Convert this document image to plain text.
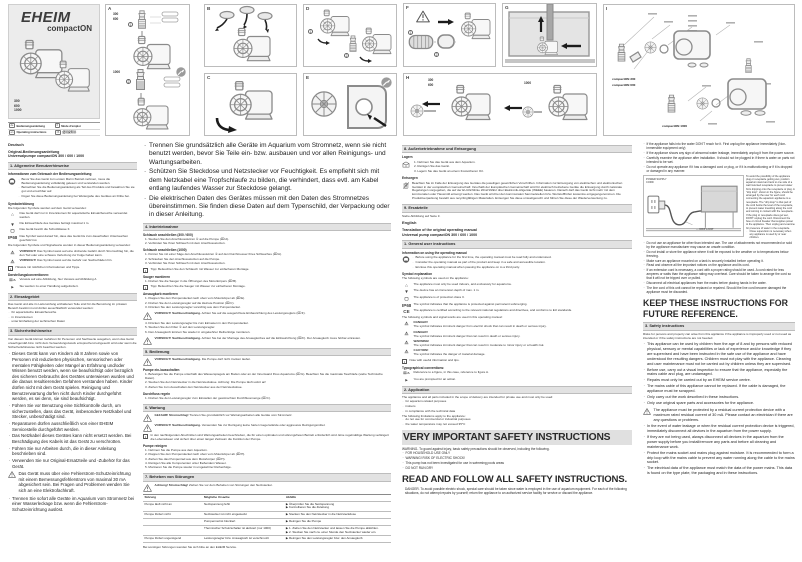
EHEIM
compactON
300
600
1000
de	Bedienungsanleitung	fr	Mode d'emploi
en	Operating instructions	zh	使用说明书
A
300
600
1
1000
2
B	D
1
2
C	E
F
1
2
G
H	300
600	1000
I
compactON 300
compactON 600
compactON 1000
Deutsch
Original-Bedienungsanleitung
Universalpumpe compactON 300 / 600 / 1000
1. Allgemeine Benutzerhinweise
Informationen zum Gebrauch der Bedienungsanleitung
· Bevor Sie das Gerät zum ersten Mal in Betrieb nehmen, muss die Bedienungsanleitung vollständig gelesen und verstanden werden.
· Betrachten Sie die Bedienungsanleitung als Teil des Produkts und bewahren Sie sie gut und erreichbar auf.
· Fügen Sie diese Bedienungsanleitung bei Weitergabe des Gerätes an Dritte bei.
Symbolerklärung
Die folgenden Symbole werden auf dem Gerät verwendet:
⌂	Das Gerät darf nur in Innenräumen für aquaristische Einsatzbereiche verwendet werden.
▼	Die Eintauchtiefe des Gerätes beträgt maximal 1 m.
▢	Das Gerät besitzt die Schutzklasse II.
IP68 Das Symbol weist darauf hin, dass das Gerät bis zum dauerhaften Untertauchen geschützt ist.
Die folgenden Symbole und Signalworte werden in dieser Bedienungsanleitung verwendet:
⚠	VORSICHT! Das Symbol weist auf eine drohende Gefahr durch Stromschlag hin, die den Tod oder eine schwere Verletzung zur Folge haben kann.
⚠	VORSICHT! Das Symbol weist auf die Gefahr von Sachschäden hin.
i	Hinweis mit nützlichen Informationen und Tipps.
Darstellungskonventionen:
⌦A	Verweis auf eine Abbildung, hier Verweis auf Abbildung A
▶	Sie werden zu einer Handlung aufgefordert.
2. Einsatzgebiet
Das Gerät und alle im Lieferumfang enthaltenen Teile sind für die Benutzung im privaten Bereich bestimmt und dürfen ausschließlich verwendet werden:
· für aquaristische Einsatzbereiche
· in Innenräumen
· unter Einhaltung der technischen Daten
3. Sicherheitshinweise
Von diesem Gerät können Gefahren für Personen und Sachwerte ausgehen, wenn das Gerät unsachgemäß bzw. nicht dem Verwendungszweck entsprechend eingesetzt wird oder wenn die Sicherheitshinweise nicht beachtet werden.
· Dieses Gerät kann von Kindern ab 8 Jahren sowie von Personen mit reduzierten physischen, sensorischen oder mentalen Fähigkeiten oder Mangel an Erfahrung und/oder Wissen benutzt werden, wenn sie beaufsichtigt oder bezüglich des sicheren Gebrauchs des Gerätes unterwiesen wurden und die daraus resultierenden Gefahren verstanden haben. Kinder dürfen nicht mit dem Gerät spielen. Reinigung und Benutzerwartung dürfen nicht durch Kinder durchgeführt werden, es sei denn, sie sind beaufsichtigt.
· Führen Sie vor Benutzung eine Sichtkontrolle durch, um sicherzustellen, dass das Gerät, insbesondere Netzkabel und Stecker, unbeschädigt sind.
· Reparaturen dürfen ausschließlich von einer EHEIM Servicestelle durchgeführt werden.
· Das Netzkabel dieses Gerätes kann nicht ersetzt werden. Bei Beschädigung des Kabels ist das Gerät zu verschrotten.
· Führen Sie nur Arbeiten durch, die in dieser Anleitung beschrieben sind.
· Verwenden Sie nur Original-Ersatzteile und -Zubehör für das Gerät.
Das Gerät muss über eine Fehlerstrom-Schutzeinrichtung mit einem Bemessungsfehlerstrom von maximal 30 mA abgesichert sein. Bei Fragen und Problemen wenden Sie sich an eine Elektrofachkraft.
· Trennen Sie sofort alle Geräte im Aquarium vom Stromnetz bei einer Wasserleckage bzw. wenn die Fehlerstrom-Schutzeinrichtung auslöst.
· Trennen Sie grundsätzlich alle Geräte im Aquarium vom Stromnetz, wenn sie nicht benutzt werden, bevor Sie Teile ein- bzw. ausbauen und vor allen Reinigungs- und Wartungsarbeiten.
· Schützen Sie Steckdose und Netzstecker vor Feuchtigkeit. Es empfiehlt sich mit dem Netzkabel eine Tropfschlaufe zu bilden, die verhindert, dass evtl. am Kabel entlang laufendes Wasser zur Steckdose gelangt.
· Die elektrischen Daten des Gerätes müssen mit den Daten des Stromnetzes übereinstimmen. Sie finden diese Daten auf dem Typenschild, der Verpackung oder in dieser Anleitung.
4. Inbetriebnahme
Schlauch anschließen (300 / 600)
1. Stecken Sie den Anschlussstutzen ① auf die Pumpe (⌦A).
2. Verbinden Sie Ihren Schlauch mit dem Anschlussstutzen.
Schlauch anschließen (1000)
1. Kürzen Sie mit einer Säge den Anschlussstutzen ② auf den Durchmesser Ihres Schlauches (⌦A).
2. Schrauben Sie den Anschlussstutzen auf die Pumpe.
3. Verbinden Sie Ihren Schlauch mit dem Anschlussstutzen.
i	Tipp: Befeuchten Sie den Schlauch mit Wasser zur einfacheren Montage.
Sauger montieren
1. Drehen Sie die Sauger in die Öffnungen des Motorkörpers (⌦B).
i	Tipp: Befeuchten Sie die Sauger mit Wasser zur einfacheren Montage.
Ansaugkorb montieren
1. Klappen Sie den Pumpendeckel nach oben vom Motorkörper ab (⌦E).
2. Drehen Sie den Leistungsregler auf die kleinste Position (⌦C).
3. Drücken Sie den Leistungsregler vorsichtig aus dem Pumpendeckel.
VORSICHT! Sachbeschädigung. Achten Sie auf die ausgerichtete Einbaurichtung des Leistungsreglers (⌦F).
4. Drücken Sie den Leistungsregler bis zum Einrasten in den Pumpendeckel.
5. Stecken Sie den Filter ① auf den Leistungsregler.
6. Den Ansaugkorb können Sie wieder in umgekehrter Reihenfolge montieren.
VORSICHT! Sachbeschädigung. Achten Sie bei der Montage des Ansaugkorbes auf die Einbaurichtung (⌦F). Der Ansaugkorb muss hörbar einrasten.
5. Bedienung
VORSICHT! Sachbeschädigung. Die Pumpe darf nicht trocken laufen.
Pumpe ein-/ausschalten
1. Befestigen Sie die Pumpe unterhalb des Wasserspiegels am Boden oder an der Innenwand Ihres Aquariums (⌦G). Beachten Sie die maximale Tauchtiefe (siehe Technische Daten).
2. Stecken Sie den Netzstecker in die Netzsteckdose. Achtung: Die Pumpe läuft sofort an!
3. Ziehen Sie zum Ausschalten den Netzstecker aus der Netzsteckdose.
Durchfluss regeln
1. Drehen Sie den Leistungsregler zum Einstellen der gewünschten Durchflussmenge (⌦C).
6. Wartung
GEFAHR! Stromschlag! Trennen Sie grundsätzlich vor Wartungsarbeiten alle Geräte vom Stromnetz.
VORSICHT! Sachbeschädigung. Verwenden Sie zur Reinigung keine harten Gegenstände oder aggressive Reinigungsmittel.
i	In den nachfolgenden Abschnitten sind Wartungsarbeiten beschrieben, die für einen optimalen und störungsfreien Betrieb erforderlich sind. Eine regelmäßige Wartung verlängert die Lebensdauer und sichert über einen langen Zeitraum die Funktion der Pumpe.
Pumpe reinigen
1. Nehmen Sie die Pumpe aus dem Aquarium.
2. Klappen Sie den Pumpendeckel nach oben vom Motorkörper ab (⌦H).
3. Ziehen Sie das Pumpenrad aus dem Motorkörper (⌦H).
4. Reinigen Sie alle Komponenten unter fließendem Wasser.
5. Montieren Sie die Pumpe wieder in umgekehrter Reihenfolge.
7. Beheben von Störungen
Achtung! Stromschlag! Ziehen Sie vor dem Beheben von Störungen den Netzstecker.
Störung	Mögliche Ursache	Abhilfe
Pumpe läuft nicht an	Netzspannung fehlt	▶ Überprüfen Sie die Netzspannung
▶ Kontrollieren Sie die Zuleitung
Pumpe fördert nicht	Netzstecker ist nicht eingesteckt	▶ Stecken Sie den Netzstecker in die Netzsteckdose
Pumpenrad ist blockiert	▶ Reinigen Sie die Pumpe
Thermischer Schutzschalter ist aktiviert (nur 1000)	▶ 1. Ziehen Sie den Netzstecker und lassen Sie die Pumpe abkühlen.
▶ 2. Stecken Sie nach ca. einer Stunde den Netzstecker wieder ein.
Pumpe fördert ungenügend	Leistungsregler bzw. Ansaugkorb ist verschmutzt	▶ Reinigen Sie den Leistungsregler bzw. den Ansaugkorb
Bei sonstigen Störungen wenden Sie sich bitte an den EHEIM Service.
8. Außerbetriebnahme und Entsorgung
Lagern
1. Nehmen Sie das Gerät aus dem Aquarium.
2. Reinigen Sie das Gerät.
3. Lagern Sie das Gerät an einem frostsicheren Ort.
Entsorgen
Beachten Sie im Falle der Entsorgung des Gerätes die jeweiligen gesetzlichen Vorschriften. Information zur Entsorgung von elektrischen und elektronischen Geräten in der europäischen Gemeinschaft: Innerhalb der Europäischen Gemeinschaft wird für elektrisch betriebene Geräte die Entsorgung durch nationale Regelungen vorgegeben, die auf der EU-Richtlinie 2012/19/EU über Elektronik-Altgeräte (WEEE) basieren. Danach darf das Gerät nicht mehr mit dem kommunalen oder Hausmüll entsorgt werden. Das Gerät wird bei den kommunalen Sammelstellen bzw. Wertstoffhöfen kostenlos entgegengenommen. Die Produktverpackung besteht aus recyclingfähigen Materialien. Entsorgen Sie diese umweltgerecht und führen Sie diese der Wiederverwertung zu.
9. Ersatzteile
Siehe Abbildung auf Seite 3.
English
Translation of the original operating manual
Universal pump compactON 300 / 600 / 1000
1. General user instructions
Information on using the operating manual
· Before using the appliance for the first time, the operating manual must be read fully and understood.
· Consider the operating manual as part of the product and keep in a safe and accessible location.
· Enclose this operating manual when passing the appliance on to a third party.
Symbol explanation
The following symbols are used on the appliance:
⌂	The appliance must only be used indoors, and exclusively for aquariums.
▼	The device has an immersion depth of max. 1 m.
▢	The appliance is of protection class II.
IP68 The symbol indicates that the appliance is protected against permanent submerging.
CE	The appliance is certified according to the relevant national regulations and directives, and conforms to EU standards.
The following symbols and signal words are used in this operating manual:
⚠	DANGER!
The symbol indicates imminent danger from electric shock that can result in death or serious injury.
⚠	DANGER!
The symbol indicates imminent danger that can result in death or serious injury.
⚠	WARNING!
The symbol indicates imminent danger that can result in moderate to minor injury or a health risk.
⚠	CAUTION!
The symbol indicates the danger of material damage.
i	Note with useful information and tips.
Typographical conventions:
⌦A	Reference to a figure, in this case, reference to figure A.
▶	You are prompted for an action.
2. Application
The appliance and all parts included in the scope of delivery are intended for private use and must only be used:
· for aquarium-related purposes
· indoors
· in compliance with the technical data
The following limitations apply to the appliance:
· do not use for commercial or industrial purposes
· the water temperature may not exceed 35°C
VERY IMPORTANT SAFETY INSTRUCTIONS
WARNING- To guard against injury, basic safety precautions should be observed, including the following.
· FOR HOUSEHOLD USE ONLY
· WARNING! RISK OF ELECTRIC SHOCK!
· This pump has not been investigated for use in swimming pools areas
· DO NOT RUN DRY
READ AND FOLLOW ALL SAFETY INSTRUCTIONS.
DANGER. To avoid possible electric shock, special care should be taken since water is employed in the use of aquarium equipment. For each of the following situations, do not attempt repairs by yourself; return the appliance to an authorized service facility for service or discard the appliance.
· If the appliance falls into the water DON'T reach for it. First unplug the appliance immediately (Non-immersible equipment only)
· If the appliance shows any sign of abnormal water leakage, immediately unplug it from the power source.
· Carefully examine the appliance after installation. It should not be plugged in if there is water on parts not intended to be wet.
· Do not operate any appliance if it has a damaged cord or plug, or if it is malfunctioning or if it is dropped or damaged in any manner.
POWER SUPPLY CORD
— DRIP LOOP
To avoid the possibility of the appliance plug or receptacle getting wet, position aquarium stand and tank to one side of a wall mounted receptacle to prevent water from dripping onto the receptacle or plug. A "drip loop", shown in the figure, should be arranged by the user for each cord connecting the aquarium appliance to a receptacle. The "drip loop" is that part of the cord below the level of the receptacle, to prevent water travelling along the cord and coming in contact with the receptacle. If the plug or receptacle does get wet, DON'T unplug the cord. Disconnect the fuse or circuit breaker that supplies power to the appliance. Then unplug and examine for presence of water in the receptacle.
· Close supervision is necessary when any appliance is used by or near children.
· Do not use an appliance for other than intended use. The use of attachments not recommended or sold by the appliance manufacturer may cause an unsafe condition.
· Do not install or store the appliance where it will be exposed to the weather or to temperatures below freezing.
· Make sure an appliance mounted on a tank is securely installed before operating it.
· Read and observe all the important notices on the appliance and its cord.
· If an extension cord is necessary, a cord with a proper rating should be used. A cord rated for less amperes or watts than the appliance rating may overheat. Care should be taken to arrange the cord so that it will not be tripped over or pulled.
· Disconnect all electrical appliances from the mains before placing hands in the water.
· The line cord of this unit cannot be replaced or repaired. Should the line cord become damaged the appliance must be discarded.
KEEP THESE INSTRUCTIONS FOR FUTURE REFERENCE.
3. Safety instructions
Risks for persons and property can arise from this appliance if the appliance is improperly used or not used as intended or if the safety instructions are not heeded.
· This appliance can be used by children from the age of 8 and by persons with reduced physical, sensory or mental capabilities or lack of experience and/or knowledge if they are supervised and have been instructed in the safe use of the appliance and have understood the resulting dangers. Children must not play with the appliance. Cleaning and user maintenance must not be carried out by children unless they are supervised.
· Before use, carry out a visual inspection to ensure that the appliance, especially the mains cable and plug, are undamaged.
· Repairs must only be carried out by an EHEIM service centre.
· The mains cable of this appliance cannot be replaced. If the cable is damaged, the appliance must be scrapped.
· Only carry out the work described in these instructions.
· Only use original spare parts and accessories for the appliance.
The appliance must be protected by a residual current protection device with a maximum rated residual current of 30 mA. Please contact an electrician if there are any questions or problems.
· In the event of water leakage or when the residual current protection device is triggered, immediately disconnect all devices in the aquarium from the power supply.
· If they are not being used, always disconnect all devices in the aquarium from the power supply before you install/remove any parts and before all cleaning and maintenance work.
· Protect the mains socket and mains plug against moisture. It is recommended to form a drip loop with the mains cable to prevent any water running along the cable to the mains socket.
· The electrical data of the appliance must match the data of the power mains. This data is found on the type plate, the packaging and in these instructions.
